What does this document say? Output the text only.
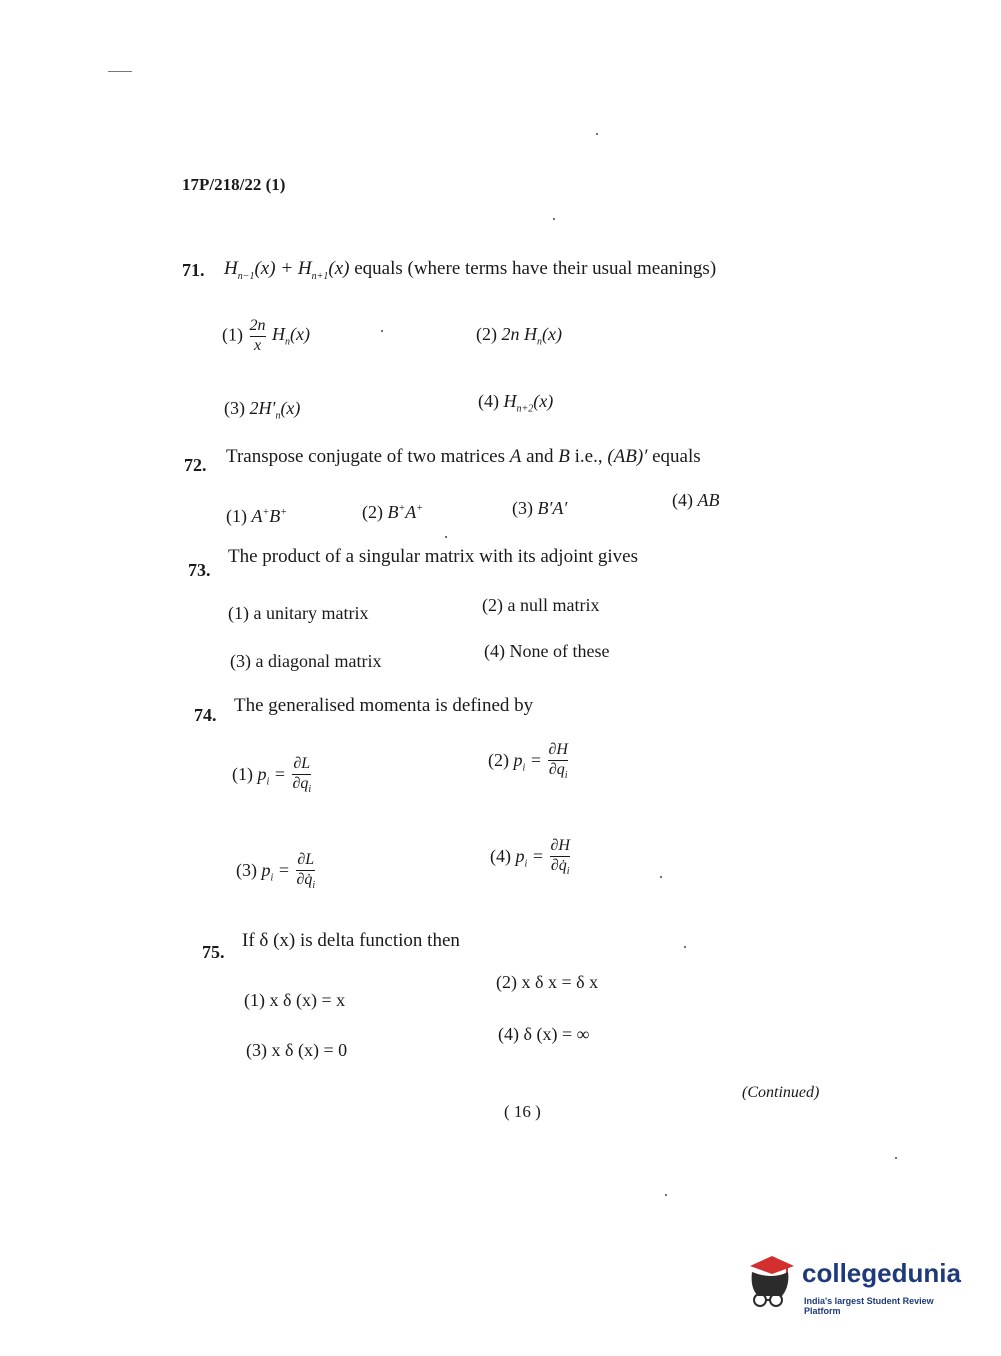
17P/218/22 (1)
71. $H_{n-1}(x) + H_{n+1}(x)$ equals (where terms have their usual meanings)
$(1) \frac{2n}{x} H_n(x)$	(2) 2n $H_n(x)$
(3) $2H'_n(x)$	(4) $H_{n+2}(x)$
72. Transpose conjugate of two matrices A and B i.e., (AB)′ equals
(1) A+B+	(2) B+A+	(3) B′A′	(4) AB
73.
The product of a singular matrix with its adjoint gives
(1) a unitary matrix	(2) a null matrix
(3) a diagonal matrix	(4) None of these
74. The generalised momenta is defined by
(1) $p_i = \frac{\partial L}{\partial q_i}$	(2) $p_i = \frac{\partial H}{\partial q_i}$
(3) $p_i = \frac{\partial L}{\partial q̇_i}$	(4) $p_i = \frac{\partial H}{\partial q̇_i}$
75.
If δ (x) is delta function then
(1) x δ (x) = x
(2) x δ x = δ x
(3) x δ (x) = 0
(4) δ (x) = ∞
( 16 )
(Continued)
collegedunia
India's largest Student Review Platform
